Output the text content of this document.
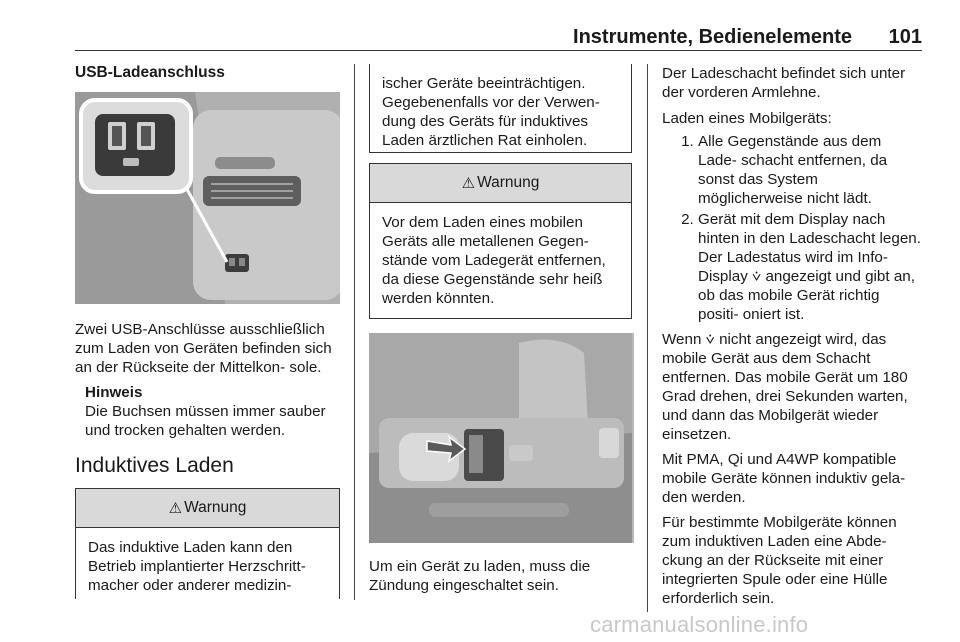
Instrumente, Bedienelemente 101
USB-Ladeanschluss

Zwei USB-Anschlüsse ausschließlich zum Laden von Geräten befinden sich an der Rückseite der Mittelkon- sole.

Hinweis

Die Buchsen müssen immer sauber und trocken gehalten werden.

Induktives Laden
⚠ Warnung

Das induktive Laden kann den Betrieb implantierter Herzschritt- macher oder anderer medizin-

ischer Geräte beeinträchtigen. Gegebenenfalls vor der Verwen- dung des Geräts für induktives Laden ärztlichen Rat einholen.

⚠ Warnung

Vor dem Laden eines mobilen Geräts alle metallenen Gegen- stände vom Ladegerät entfernen, da diese Gegenstände sehr heiß werden könnten.

Um ein Gerät zu laden, muss die Zündung eingeschaltet sein.

Der Ladeschacht befindet sich unter der vorderen Armlehne.

Laden eines Mobilgeräts:

1. Alle Gegenstände aus dem Lade- schacht entfernen, da sonst das System möglicherweise nicht lädt.
2. Gerät mit dem Display nach hinten in den Ladeschacht legen. Der Ladestatus wird im Info- Display ⩒ angezeigt und gibt an, ob das mobile Gerät richtig positi- oniert ist.

Wenn ⩒ nicht angezeigt wird, das mobile Gerät aus dem Schacht entfernen. Das mobile Gerät um 180 Grad drehen, drei Sekunden warten, und dann das Mobilgerät wieder einsetzen.

Mit PMA, Qi und A4WP kompatible mobile Geräte können induktiv gela- den werden.

Für bestimmte Mobilgeräte können zum induktiven Laden eine Abde- ckung an der Rückseite mit einer integrierten Spule oder eine Hülle erforderlich sein.

carmanualsonline.info
